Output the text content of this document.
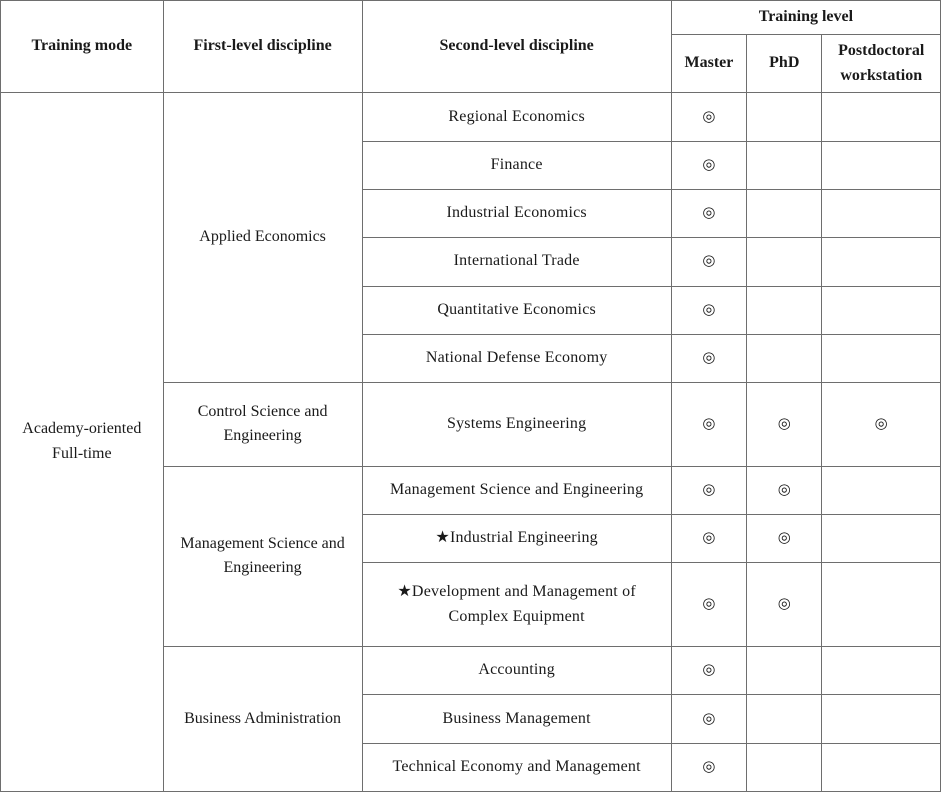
Training mode	First-level discipline	Second-level discipline	Training level		
			Master	PhD	Postdoctoral workstation

Academy-oriented
Full-time	Applied Economics	Regional Economics	◎		
		Finance	◎		
		Industrial Economics	◎		
		International Trade	◎		
		Quantitative Economics	◎		
		National Defense Economy	◎		
	Control Science and Engineering	Systems Engineering	◎	◎	◎
	Management Science and Engineering	Management Science and Engineering	◎	◎	
		★Industrial Engineering	◎	◎	
		★Development and Management of Complex Equipment	◎	◎	
	Business Administration	Accounting	◎		
		Business Management	◎		
		Technical Economy and Management	◎		
